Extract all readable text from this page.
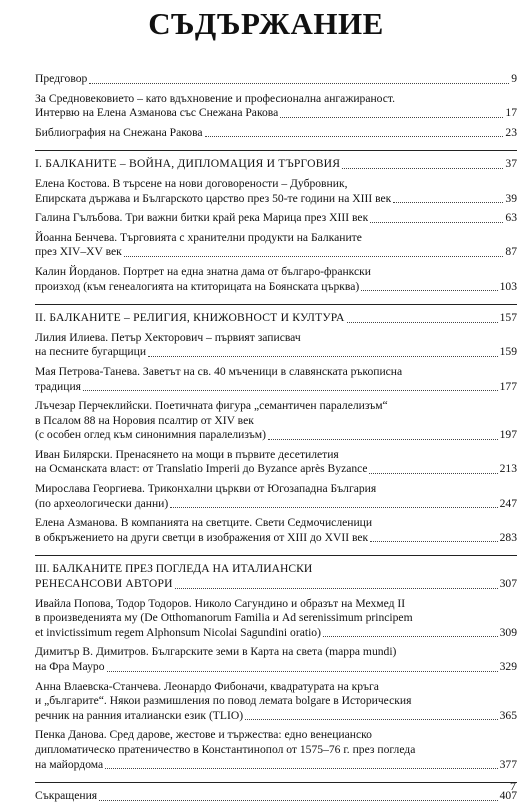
СЪДЪРЖАНИЕ
Предговор	9
За Средновековието – като вдъхновение и професионална ангажираност.
Интервю на Елена Азманова със Снежана Ракова	17
Библиография на Снежана Ракова	23
I. БАЛКАНИТЕ – ВОЙНА, ДИПЛОМАЦИЯ И ТЪРГОВИЯ	37
Елена Костова. В търсене на нови договорености – Дубровник,
Епирската държава и Българското царство през 50-те години на XIII век	39
Галина Гълъбова. Три важни битки край река Марица през XIII век	63
Йоанна Бенчева. Търговията с хранителни продукти на Балканите
през XIV–XV век	87
Калин Йорданов. Портрет на една знатна дама от българо-франкски
произход (към генеалогията на ктиторицата на Боянската църква)	103
II. БАЛКАНИТЕ – РЕЛИГИЯ, КНИЖОВНОСТ И КУЛТУРА	157
Лилия Илиева. Петър Хекторович – първият записвач
на песните бугарщици	159
Мая Петрова-Танева. Заветът на св. 40 мъченици в славянската ръкописна
традиция	177
Лъчезар Перчеклийски. Поетичната фигура „семантичен паралелизъм“
в Псалом 88 на Норовия псалтир от XIV век
(с особен оглед към синонимния паралелизъм)	197
Иван Билярски. Пренасянето на мощи в първите десетилетия
на Османската власт: от Translatio Imperii до Byzance après Byzance	213
Мирослава Георгиева. Триконхални църкви от Югозападна България
(по археологически данни)	247
Елена Азманова. В компанията на светците. Свети Седмочисленици
в обкръжението на други светци в изображения от XIII до XVII век	283
III. БАЛКАНИТЕ ПРЕЗ ПОГЛЕДА НА ИТАЛИАНСКИ
РЕНЕСАНСОВИ АВТОРИ	307
Ивайла Попова, Тодор Тодоров. Николо Сагундино и образът на Мехмед II
в произведенията му (De Otthomanorum Familia и Ad serenissimum principem
et invictissimum regem Alphonsum Nicolai Sagundini oratio)	309
Димитър В. Димитров. Българските земи в Карта на света (mappa mundi)
на Фра Мауро	329
Анна Влаевска-Станчева. Леонардо Фибоначи, квадратурата на кръга
и „българите“. Някои размишления по повод лемата bolgare в Историческия
речник на ранния италиански език (TLIO)	365
Пенка Данова. Сред дарове, жестове и тържества: едно венецианско
дипломатическо пратеничество в Константинопол от 1575–76 г. през погледа
на майордома	377
Съкращения	407
7
